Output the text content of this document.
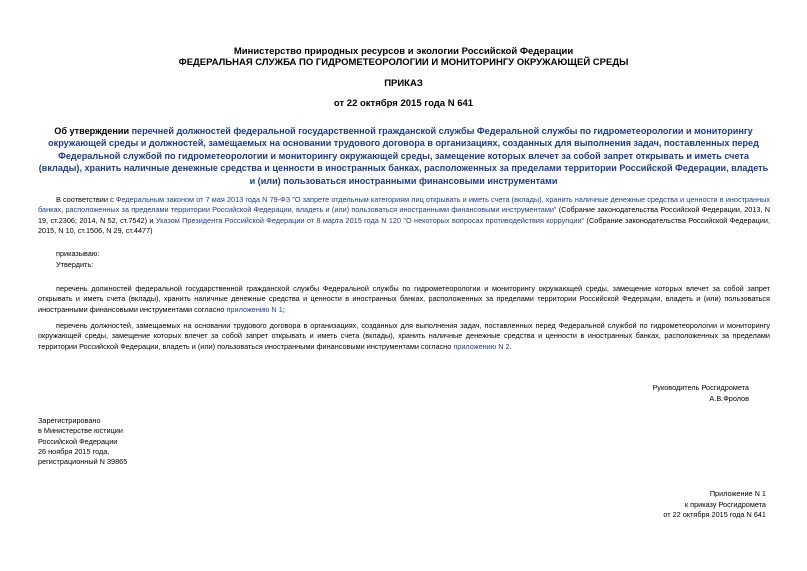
Министерство природных ресурсов и экологии Российской Федерации
ФЕДЕРАЛЬНАЯ СЛУЖБА ПО ГИДРОМЕТЕОРОЛОГИИ И МОНИТОРИНГУ ОКРУЖАЮЩЕЙ СРЕДЫ
ПРИКАЗ
от 22 октября 2015 года N 641
Об утверждении перечней должностей федеральной государственной гражданской службы Федеральной службы по гидрометеорологии и мониторингу окружающей среды и должностей, замещаемых на основании трудового договора в организациях, созданных для выполнения задач, поставленных перед Федеральной службой по гидрометеорологии и мониторингу окружающей среды, замещение которых влечет за собой запрет открывать и иметь счета (вклады), хранить наличные денежные средства и ценности в иностранных банках, расположенных за пределами территории Российской Федерации, владеть и (или) пользоваться иностранными финансовыми инструментами
В соответствии с Федеральным законом от 7 мая 2013 года N 79-ФЗ "О запрете отдельным категориям лиц открывать и иметь счета (вклады), хранить наличные денежные средства и ценности в иностранных банках, расположенных за пределами территории Российской Федерации, владеть и (или) пользоваться иностранными финансовыми инструментами" (Собрание законодательства Российской Федерации, 2013, N 19, ст.2306; 2014, N 52, ст.7542) и Указом Президента Российской Федерации от 8 марта 2015 года N 120 "О некоторых вопросах противодействия коррупции" (Собрание законодательства Российской Федерации, 2015, N 10, ст.1506, N 29, ст.4477)
приказываю:
Утвердить:
перечень должностей федеральной государственной гражданской службы Федеральной службы по гидрометеорологии и мониторингу окружающей среды, замещение которых влечет за собой запрет открывать и иметь счета (вклады), хранить наличные денежные средства и ценности в иностранных банках, расположенных за пределами территории Российской Федерации, владеть и (или) пользоваться иностранными финансовыми инструментами согласно приложению N 1;
перечень должностей, замещаемых на основании трудового договора в организациях, созданных для выполнения задач, поставленных перед Федеральной службой по гидрометеорологии и мониторингу окружающей среды, замещение которых влечет за собой запрет открывать и иметь счета (вклады), хранить наличные денежные средства и ценности в иностранных банках, расположенных за пределами территории Российской Федерации, владеть и (или) пользоваться иностранными финансовыми инструментами согласно приложению N 2.
Руководитель Росгидромета
А.В.Фролов
Зарегистрировано
в Министерстве юстиции
Российской Федерации
26 ноября 2015 года,
регистрационный N 39865
Приложение N 1
к приказу Росгидромета
от 22 октября 2015 года N 641
